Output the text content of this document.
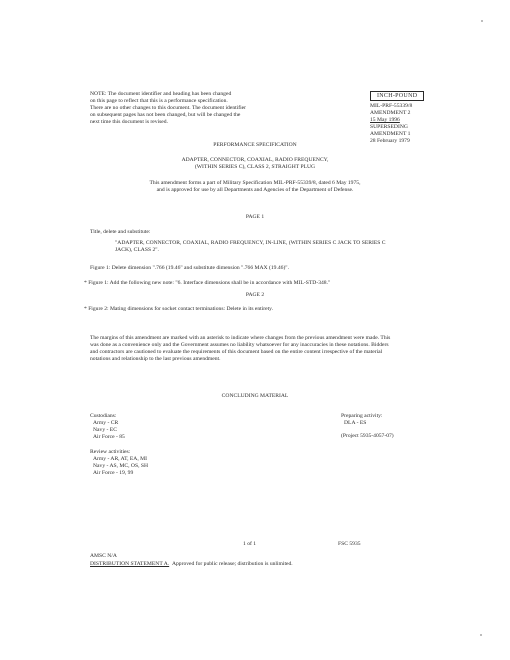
NOTE: The document identifier and heading has been changed
on this page to reflect that this is a performance specification.
There are no other changes to this document. The document identifier
on subsequent pages has not been changed, but will be changed the
next time this document is revised.
INCH-POUND
MIL-PRF-55339/8
AMENDMENT 2
15 May 1996
SUPERSEDING
AMENDMENT 1
28 February 1979
PERFORMANCE SPECIFICATION
ADAPTER, CONNECTOR, COAXIAL, RADIO FREQUENCY,
(WITHIN SERIES C), CLASS 2, STRAIGHT PLUG
This amendment forms a part of Military Specification MIL-PRF-55339/8, dated 6 May 1975,
and is approved for use by all Departments and Agencies of the Department of Defense.
PAGE 1
Title, delete and substitute:
"ADAPTER, CONNECTOR, COAXIAL, RADIO FREQUENCY, IN-LINE, (WITHIN SERIES C JACK TO SERIES C
JACK), CLASS 2".
Figure 1: Delete dimension ".766 (19.46" and substitute dimension ".766 MAX (19.46)".
* Figure 1: Add the following new note: "6. Interface dimensions shall be in accordance with MIL-STD-348."
PAGE 2
* Figure 2: Mating dimensions for socket contact terminations: Delete in its entirety.
The margins of this amendment are marked with an asterisk to indicate where changes from the previous amendment were made. This
was done as a convenience only and the Government assumes no liability whatsoever for any inaccuracies in these notations. Bidders
and contractors are cautioned to evaluate the requirements of this document based on the entire content irrespective of the material
notations and relationship to the last previous amendment.
CONCLUDING MATERIAL
Custodians:
Army - CR
Navy - EC
Air Force - 85
Review activities:
Army - AR, AT, EA, MI
Navy - AS, MC, OS, SH
Air Force - 19, 99
Preparing activity:
DLA - ES
(Project 5935-4057-07)
1 of 1	FSC 5935
AMSC N/A
DISTRIBUTION STATEMENT A. Approved for public release; distribution is unlimited.
